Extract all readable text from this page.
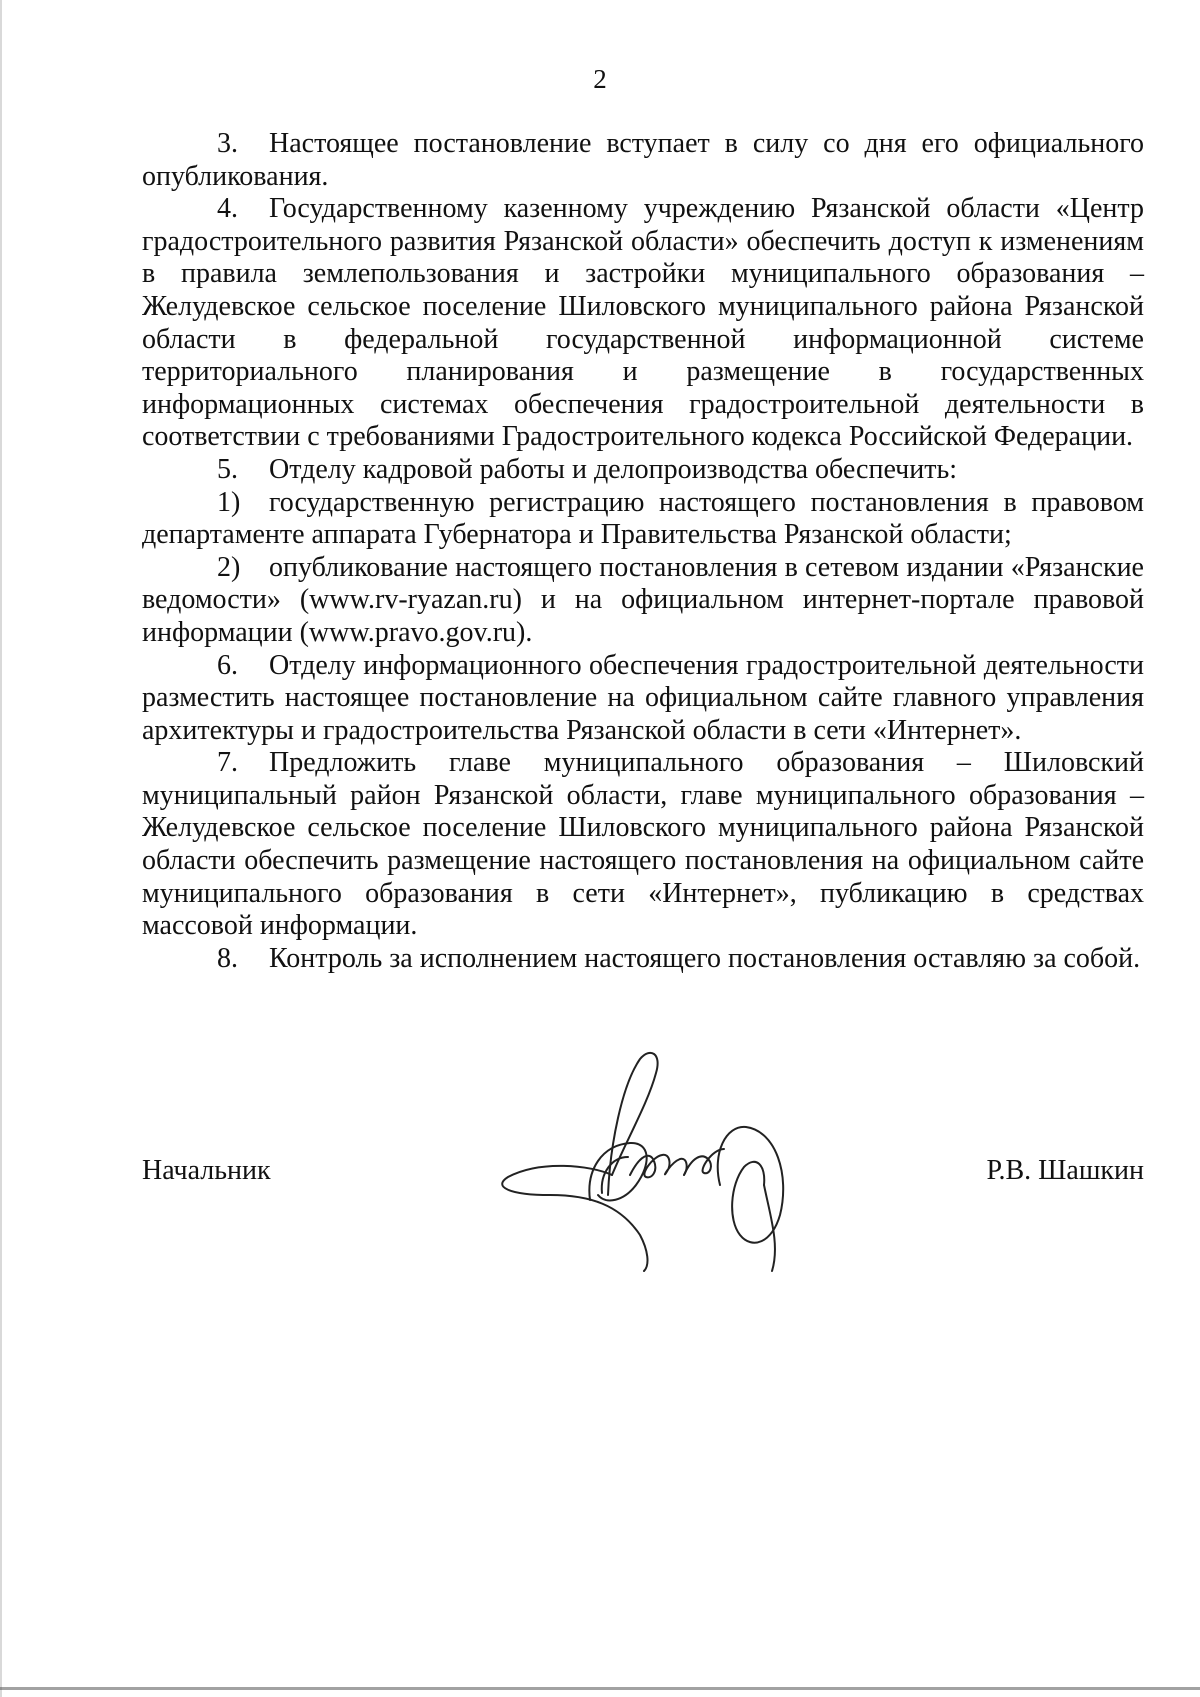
2

3. Настоящее постановление вступает в силу со дня его официального опубликования.

4. Государственному казенному учреждению Рязанской области «Центр градостроительного развития Рязанской области» обеспечить доступ к изменениям в правила землепользования и застройки муниципального образования – Желудевское сельское поселение Шиловского муниципального района Рязанской области в федеральной государственной информационной системе территориального планирования и размещение в государственных информационных системах обеспечения градостроительной деятельности в соответствии с требованиями Градостроительного кодекса Российской Федерации.

5. Отделу кадровой работы и делопроизводства обеспечить:

1) государственную регистрацию настоящего постановления в правовом департаменте аппарата Губернатора и Правительства Рязанской области;

2) опубликование настоящего постановления в сетевом издании «Рязанские ведомости» (www.rv-ryazan.ru) и на официальном интернет-портале правовой информации (www.pravo.gov.ru).

6. Отделу информационного обеспечения градостроительной деятельности разместить настоящее постановление на официальном сайте главного управления архитектуры и градостроительства Рязанской области в сети «Интернет».

7. Предложить главе муниципального образования – Шиловский муниципальный район Рязанской области, главе муниципального образования – Желудевское сельское поселение Шиловского муниципального района Рязанской области обеспечить размещение настоящего постановления на официальном сайте муниципального образования в сети «Интернет», публикацию в средствах массовой информации.

8. Контроль за исполнением настоящего постановления оставляю за собой.

Начальник	Р.В. Шашкин
